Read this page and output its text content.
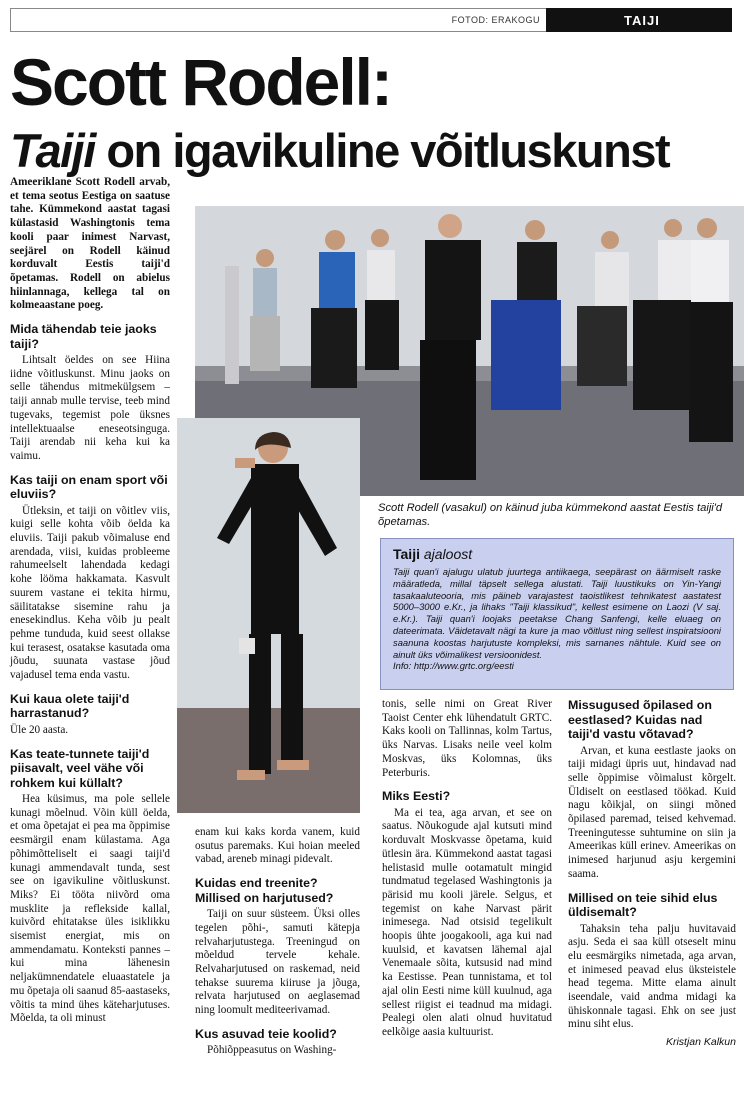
FOTOD: ERAKOGU	TAIJI
Scott Rodell:
Taiji on igavikuline võitluskunst

Ameeriklane Scott Rodell arvab, et tema seotus Eestiga on saatuse tahe. Kümmekond aastat tagasi külastasid Washingtonis tema kooli paar inimest Narvast, seejärel on Rodell käinud korduvalt Eestis taiji'd õpetamas. Rodell on abielus hiinlannaga, kellega tal on kolmeaastane poeg.

Mida tähendab teie jaoks taiji?

Lihtsalt öeldes on see Hiina iidne võitluskunst. Minu jaoks on selle tähendus mitmekülgsem – taiji annab mulle tervise, teeb mind tugevaks, tegemist pole üksnes intellektuaalse eneseotsinguga. Taiji arendab nii keha kui ka vaimu.

Kas taiji on enam sport või eluviis?

Ütleksin, et taiji on võitlev viis, kuigi selle kohta võib öelda ka eluviis. Taiji pakub võimaluse end arendada, viisi, kuidas probleeme rahumeelselt lahendada kedagi kohe lööma hakkamata. Kasvult suurem vastane ei tekita hirmu, säilitatakse sisemine rahu ja enesekindlus. Keha võib ju pealt pehme tunduda, kuid seest ollakse kui terasest, osatakse kasutada oma jõudu, suunata vastase jõud vajadusel tema enda vastu.

Kui kaua olete taiji'd harrastanud?

Üle 20 aasta.

Kas teate-tunnete taiji'd piisavalt, veel vähe või rohkem kui küllalt?

Hea küsimus, ma pole sellele kunagi mõelnud. Võin küll öelda, et oma õpetajat ei pea ma õppimise eesmärgil enam külastama. Aga põhimõtteliselt ei saagi taiji'd kunagi ammendavalt tunda, sest see on igavikuline võitluskunst. Miks? Ei tööta niivõrd oma musklite ja reflekside kallal, kuivõrd ehitatakse üles isiklikku sisemist energiat, mis on ammendamatu. Konteksti pannes – kui mina lähenesin neljakümnendatele eluaastatele ja mu õpetaja oli saanud 85-aastaseks, võitis ta mind ühes käteharjutuses. Mõelda, ta oli minust

enam kui kaks korda vanem, kuid osutus paremaks. Kui hoian meeled vabad, areneb minagi pidevalt.

Kuidas end treenite? Millised on harjutused?

Taiji on suur süsteem. Üksi olles tegelen põhi-, samuti kätepja relvaharjutustega. Treeningud on mõeldud tervele kehale. Relvaharjutused on raskemad, neid tehakse suurema kiiruse ja jõuga, relvata harjutused on aeglasemad ning loomult mediteerivamad.

Kus asuvad teie koolid?

Põhiõppeasutus on Washing-

Scott Rodell (vasakul) on käinud juba kümmekond aastat Eestis taiji'd õpetamas.
Taiji ajaloost

Taiji quan'i ajalugu ulatub juurtega antiikaega, seepärast on äärmiselt raske määratleda, millal täpselt sellega alustati. Taiji luustikuks on Yin-Yangi tasakaaluteooria, mis päineb varajastest taoistlikest tehnikatest aastatest 5000–3000 e.Kr., ja lihaks "Taiji klassikud", kellest esimene on Laozi (V saj. e.Kr.). Taiji quan'i loojaks peetakse Chang Sanfengi, kelle eluaeg on dateerimata. Väidetavalt nägi ta kure ja mao võitlust ning sellest inspiratsiooni saanuna koostas harjutuste kompleksi, mis sarnanes nähtule. Kuid see on ainult üks võimalikest versioonidest.

Info: http://www.grtc.org/eesti

tonis, selle nimi on Great River Taoist Center ehk lühendatult GRTC. Kaks kooli on Tallinnas, kolm Tartus, üks Narvas. Lisaks neile veel kolm Moskvas, üks Kolomnas, üks Peterburis.

Miks Eesti?

Ma ei tea, aga arvan, et see on saatus. Nõukogude ajal kutsuti mind korduvalt Moskvasse õpetama, kuid ütlesin ära. Kümmekond aastat tagasi helistasid mulle ootamatult mingid tundmatud tegelased Washingtonis ja pärisid mu kooli järele. Selgus, et tegemist on kahe Narvast pärit inimesega. Nad otsisid tegelikult hoopis ühte joogakooli, aga kui nad kuulsid, et kavatsen lähemal ajal Venemaale sõita, kutsusid nad mind ka Eestisse. Pean tunnistama, et tol ajal olin Eesti nime küll kuulnud, aga sellest riigist ei teadnud ma midagi. Pealegi olen alati olnud huvitatud eelkõige aasia kultuurist.

Missugused õpilased on eestlased? Kuidas nad taiji'd vastu võtavad?

Arvan, et kuna eestlaste jaoks on taiji midagi üpris uut, hindavad nad selle õppimise võimalust kõrgelt. Üldiselt on eestlased töökad. Kuid nagu kõikjal, on siingi mõned õpilased paremad, teised kehvemad. Treeningutesse suhtumine on siin ja Ameerikas küll erinev. Ameerikas on inimesed harjunud asju kergemini saama.

Millised on teie sihid elus üldisemalt?

Tahaksin teha palju huvitavaid asju. Seda ei saa küll otseselt minu elu eesmärgiks nimetada, aga arvan, et inimesed peavad elus üksteistele head tegema. Mitte elama ainult iseendale, vaid andma midagi ka ühiskonnale tagasi. Ehk on see just minu siht elus.

Kristjan Kalkun
